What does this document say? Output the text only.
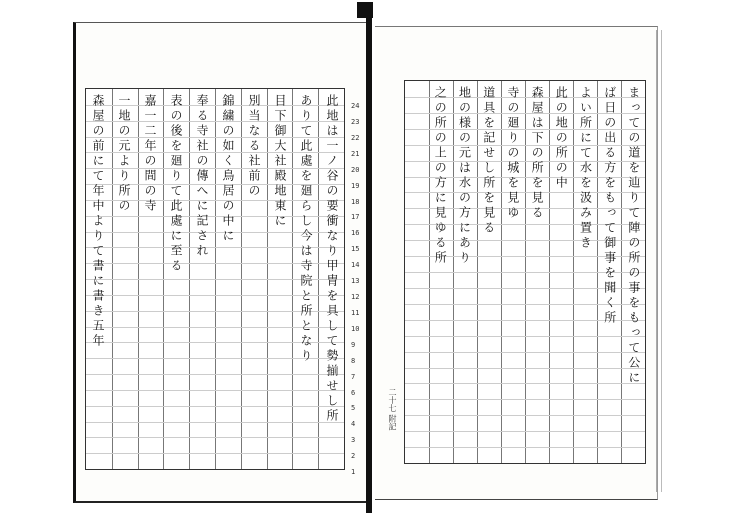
此地は一ノ谷の要衝なり甲胄を具して勢揃せし所
ありて此處を廻らし今は寺院と所となり
目下御大社殿地東に
別当なる社前の
錦繍の如く鳥居の中に
奉る寺社の傳へに記され
表の後を廻りて此處に至る
嘉一二年の間の寺
一地の元より所の
森屋の前にて年中よりて書に書き五年	まっての道を辿りて陣の所の事をもって公に
ば日の出る方をもって御事を聞く所
よい所にて水を汲み置き
此の地の所の中
森屋は下の所を見る
寺の廻りの城を見ゆ
道具を記せし所を見る
地の様の元は水の方にあり
之の所の上の方に見ゆる所
24
23
22
21
20
19
18
17
16
15
14
13
12
11
10
9
8
7
6
5
4
3
2
1
二十七 附記
